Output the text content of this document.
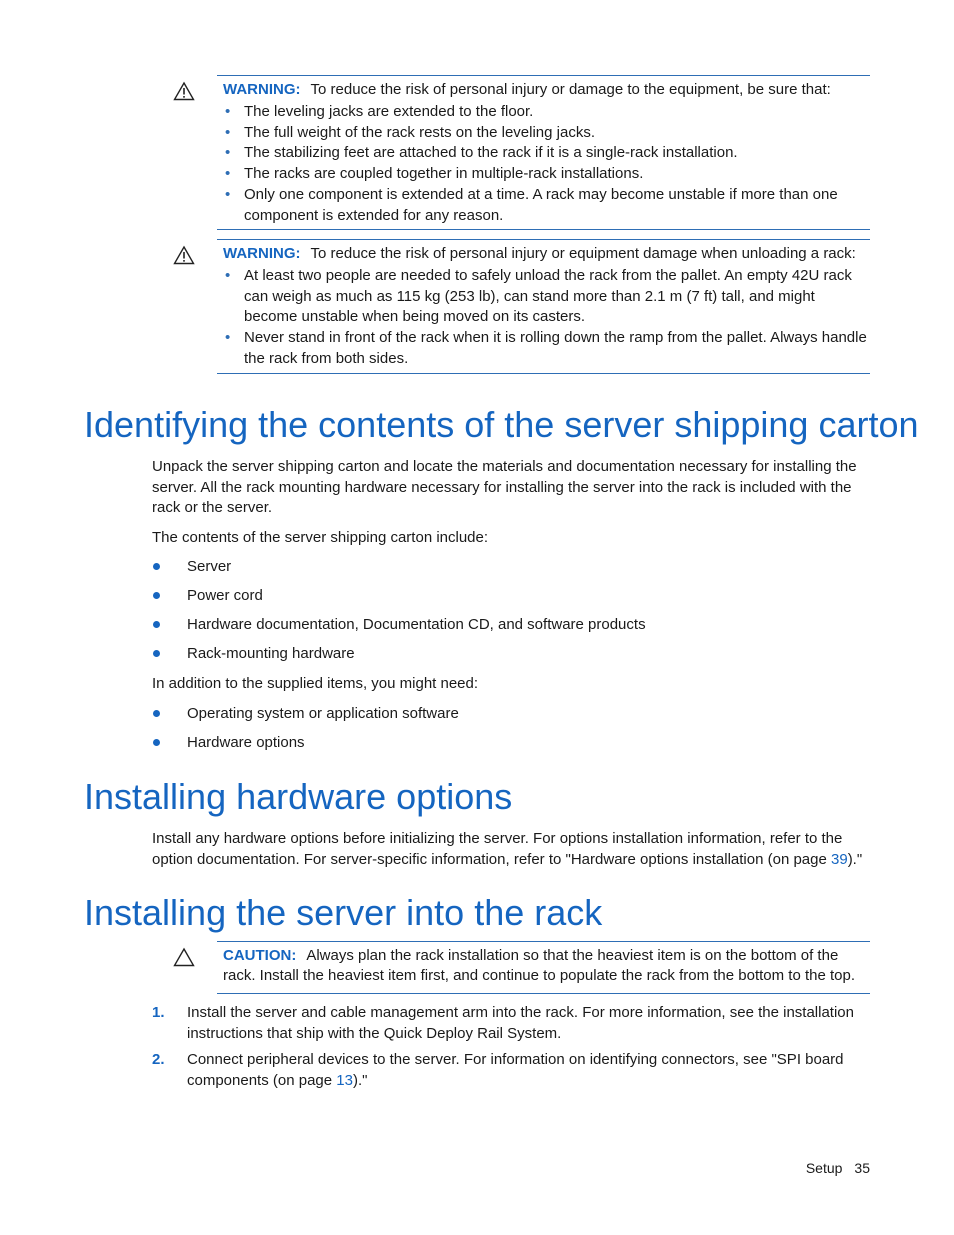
WARNING: To reduce the risk of personal injury or damage to the equipment, be sure that:
• The leveling jacks are extended to the floor.
• The full weight of the rack rests on the leveling jacks.
• The stabilizing feet are attached to the rack if it is a single-rack installation.
• The racks are coupled together in multiple-rack installations.
• Only one component is extended at a time. A rack may become unstable if more than one component is extended for any reason.
WARNING: To reduce the risk of personal injury or equipment damage when unloading a rack:
• At least two people are needed to safely unload the rack from the pallet. An empty 42U rack can weigh as much as 115 kg (253 lb), can stand more than 2.1 m (7 ft) tall, and might become unstable when being moved on its casters.
• Never stand in front of the rack when it is rolling down the ramp from the pallet. Always handle the rack from both sides.
Identifying the contents of the server shipping carton

Unpack the server shipping carton and locate the materials and documentation necessary for installing the server. All the rack mounting hardware necessary for installing the server into the rack is included with the rack or the server.

The contents of the server shipping carton include:

Server
Power cord
Hardware documentation, Documentation CD, and software products
Rack-mounting hardware

In addition to the supplied items, you might need:

Operating system or application software
Hardware options
Installing hardware options

Install any hardware options before initializing the server. For options installation information, refer to the option documentation. For server-specific information, refer to "Hardware options installation (on page 39)."

Installing the server into the rack
CAUTION: Always plan the rack installation so that the heaviest item is on the bottom of the rack. Install the heaviest item first, and continue to populate the rack from the bottom to the top.
1. Install the server and cable management arm into the rack. For more information, see the installation instructions that ship with the Quick Deploy Rail System.
2. Connect peripheral devices to the server. For information on identifying connectors, see "SPI board components (on page 13)."
Setup 35
